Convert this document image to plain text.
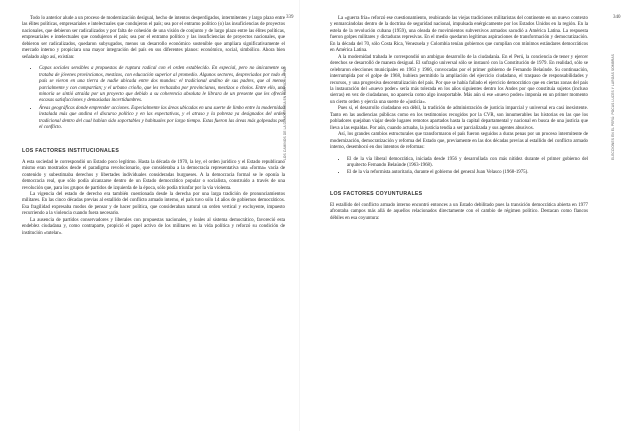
Todo lo anterior alude a un proceso de modernización desigual, hecho de intentos desperdigados, intermitentes y largo plazo entre las élites políticas, empresariales e intelectuales que condujeron el país; sea por el entramo político (o) las insuficiencias de proyectos nacionales, que debieron ser radicalizados y por falta de cohesión de una visión de conjunto y de largo plazo entre las élites políticas, empresariales e intelectuales que condujeron el país; sea por el entramo político y las insuficiencias de proyectos nacionales, que debieron ser radicalizados, quedaron subyugados, menos un desarrollo económico sostenible que ampliara significativamente el mercado interno y propiciara una mayor integración del país en sus diferentes planos: económico, social, simbólico. Ahora bien señalado algo así, existían:

• Capas sociales sensibles a propuestas de ruptura radical con el orden establecido. En especial, pero no únicamente se trataba de jóvenes provincianos, mestizos, con educación superior al promedio. Algunos sectores, despreciados por todo el país se vieron en una tierra de nadie ubicada entre dos mundos: el tradicional andino de sus padres, que al menos parcialmente y con compartían; y el urbano criollo, que les rechazaba por provincianos, mestizos o cholos. Entre ello, una minoría se sintió atraída por un proyecto que debido a su coherencia absoluta le librara de un presente que les ofrecía escasas satisfacciones y demasiadas incertidumbres.
• Áreas geográficas donde emprender acciones. Especialmente las áreas ubicadas en una suerte de limbo entre la modernidad instalada más que andina el discurso político y en las expectativas, y el atraso y la pobreza ya designados del orden tradicional dentro del cual habían sido soportables y habituales por largo tiempo. Estas fueron las áreas más golpeadas por el conflicto.
LOS FACTORES INSTITUCIONALES

A esta sociedad le correspondió un Estado poco legítimo. Hasta la década de 1970, la ley, el orden jurídico y el Estado republicano mismo eran mostrados desde el paradigma revolucionario, que consideraba a la democracia representativa una «forma» vacía de contenido y subestimaba derechos y libertades individuales consideradas burgueses. A la democracia formal se le oponía la democracia real, que sólo podía alcanzarse dentro de un Estado democrático popular o socialista, construido a través de una revolución que, para los grupos de partidos de izquierda de la época, sólo podía triunfar por la vía violenta.

La vigencia del estado de derecho era también cuestionada desde la derecha por una larga tradición de pronunciamientos militares. En las cinco décadas previas al estallido del conflicto armado interno, el país tuvo sólo 14 años de gobiernos democráticos. Esa fragilidad expresaba modos de pensar y de hacer política, que consideraban natural un orden vertical y excluyente, impuesto recurriendo a la violencia cuando fuera necesario.

La ausencia de partidos conservadores y liberales con propuestas nacionales, y leales al sistema democrático, favoreció esta endeblez ciudadana y, como contraparte, propició el papel activo de los militares en la vida política y reforzó su condición de institución «tutelar».

339
LOS CAMINOS DE LA DEMOCRACIA EN AMÉRICA LATINA
340
ELECCIONES EN EL PERÚ: POCAS LUCES Y LARGAS SOMBRAS

La «guerra fría» reforzó ese cuestionamiento, reubicando las viejas tradiciones militaristas del continente en un nuevo contexto y enmarcándolas dentro de la doctrina de seguridad nacional, impulsada enérgicamente por los Estados Unidos en la región. En la estela de la revolución cubana (1959), una oleada de movimientos subversivos armados sacudió a América Latina. La respuesta fueron golpes militares y dictaduras represivas. En el medio quedaron legítimas aspiraciones de transformación y democratización. En la década del 70, sólo Costa Rica, Venezuela y Colombia tenían gobiernos que cumplían con mínimos estándares democráticos en América Latina.

A la modernidad trabada le correspondió un ambiguo desarrollo de la ciudadanía. En el Perú, la conciencia de tener y ejercer derechos se desarrolló de manera desigual. El sufragio universal sólo se instauró con la Constitución de 1979. En realidad, sólo se celebraron elecciones municipales en 1963 y 1966, convocadas por el primer gobierno de Fernando Belaúnde. Su continuación, interrumpida por el golpe de 1968, hubiera permitido la ampliación del ejercicio ciudadano, el traspaso de responsabilidades y recursos, y una progresiva descentralización del país. Por que se había fallado el ejercicio democrático que en ciertas zonas del país la instauración del «nuevo poder» sería más tolerada en los años siguientes dentro los Andes por que constituía sujetos (incluso sierras) en vez de ciudadanos, no aparecía como algo insoportable. Más aún si ese «nuevo poder» imponía en un primer momento un cierto orden y ejercía una suerte de «justicia».

Pues sí, el desarrollo ciudadano era débil, la tradición de administración de justicia imparcial y universal era casi inexistente. Tanto en las audiencias públicas como en los testimonios recogidos por la CVR, son innumerables las historias en las que los pobladores quejaban viajar desde lugares remotos apartados hasta la capital departamental y nacional en busca de una justicia que lleva a las espaldas. Por aún, cuando actuaba, la justicia tendía a ser parcializada y sus agentes abusivos.

Así, los grandes cambios estructurales que transformaron el país fueron seguidos a duras penas por un proceso intermitente de modernización, democratización y reforma del Estado que, previamente en las dos décadas previas al estallido del conflicto armado interno, desembocó en dos intentos de reformas:

• El de la vía liberal democrática, iniciada desde 1956 y desarrollada con más nitidez durante el primer gobierno del arquitecto Fernando Belaúnde (1963-1968).
• El de la vía reformista autoritaria, durante el gobierno del general Juan Velasco (1968-1975).
LOS FACTORES COYUNTURALES

El estallido del conflicto armado interno encontró entonces a un Estado debilitado pues la transición democrática abierta en 1977 afrontaba campos más allá de aquellos relacionados directamente con el cambio de régimen político. Destacan como flancos débiles en esa coyuntura:
